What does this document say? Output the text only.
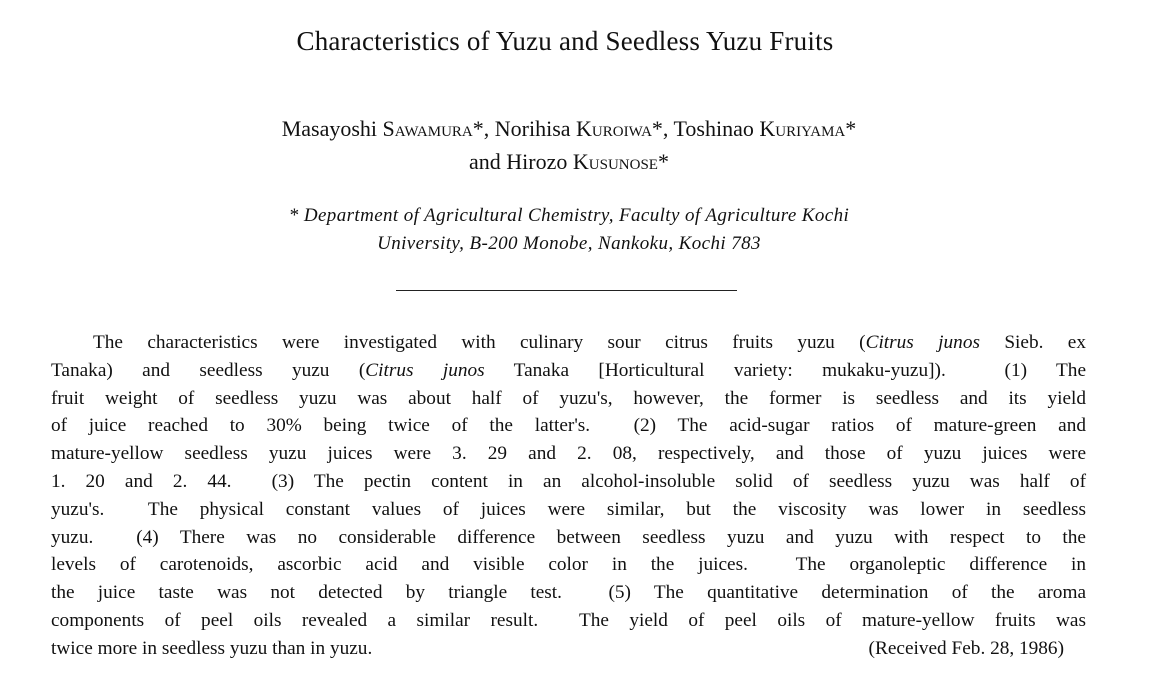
Characteristics of Yuzu and Seedless Yuzu Fruits
Masayoshi Sawamura*, Norihisa Kuroiwa*, Toshinao Kuriyama*
and Hirozo Kusunose*
* Department of Agricultural Chemistry, Faculty of Agriculture Kochi
University, B-200 Monobe, Nankoku, Kochi 783
The characteristics were investigated with culinary sour citrus fruits yuzu (Citrus junos Sieb. ex
Tanaka) and seedless yuzu (Citrus junos Tanaka [Horticultural variety: mukaku-yuzu]).  (1) The
fruit weight of seedless yuzu was about half of yuzu's, however, the former is seedless and its yield
of juice reached to 30% being twice of the latter's.  (2) The acid-sugar ratios of mature-green and
mature-yellow seedless yuzu juices were 3. 29 and 2. 08, respectively, and those of yuzu juices were
1. 20 and 2. 44.  (3) The pectin content in an alcohol-insoluble solid of seedless yuzu was half of
yuzu's.  The physical constant values of juices were similar, but the viscosity was lower in seedless
yuzu.  (4) There was no considerable difference between seedless yuzu and yuzu with respect to the
levels of carotenoids, ascorbic acid and visible color in the juices.  The organoleptic difference in
the juice taste was not detected by triangle test.  (5) The quantitative determination of the aroma
components of peel oils revealed a similar result.  The yield of peel oils of mature-yellow fruits was
twice more in seedless yuzu than in yuzu.	(Received Feb. 28, 1986)
